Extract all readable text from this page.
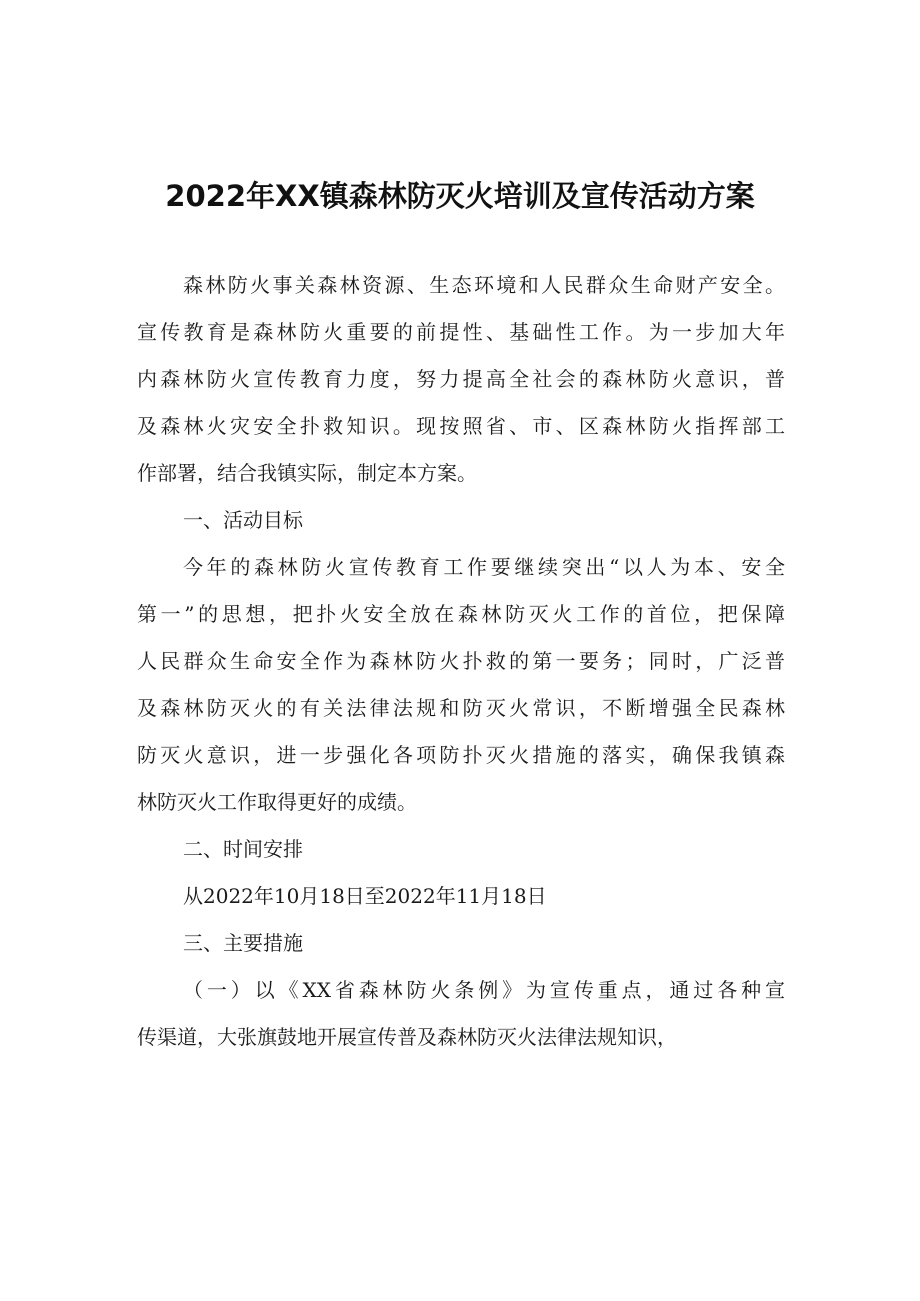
2022年XX镇森林防灭火培训及宣传活动方案
森林防火事关森林资源、生态环境和人民群众生命财产安全。
宣传教育是森林防火重要的前提性、基础性工作。为一步加大年
内森林防火宣传教育力度，努力提高全社会的森林防火意识，普
及森林火灾安全扑救知识。现按照省、市、区森林防火指挥部工
作部署，结合我镇实际，制定本方案。
一、活动目标
今年的森林防火宣传教育工作要继续突出“以人为本、安全
第一”的思想，把扑火安全放在森林防灭火工作的首位，把保障
人民群众生命安全作为森林防火扑救的第一要务；同时，广泛普
及森林防灭火的有关法律法规和防灭火常识，不断增强全民森林
防灭火意识，进一步强化各项防扑灭火措施的落实，确保我镇森
林防灭火工作取得更好的成绩。
二、时间安排
从2022年10月18日至2022年11月18日
三、主要措施
（一）以《XX省森林防火条例》为宣传重点，通过各种宣
传渠道，大张旗鼓地开展宣传普及森林防灭火法律法规知识，
